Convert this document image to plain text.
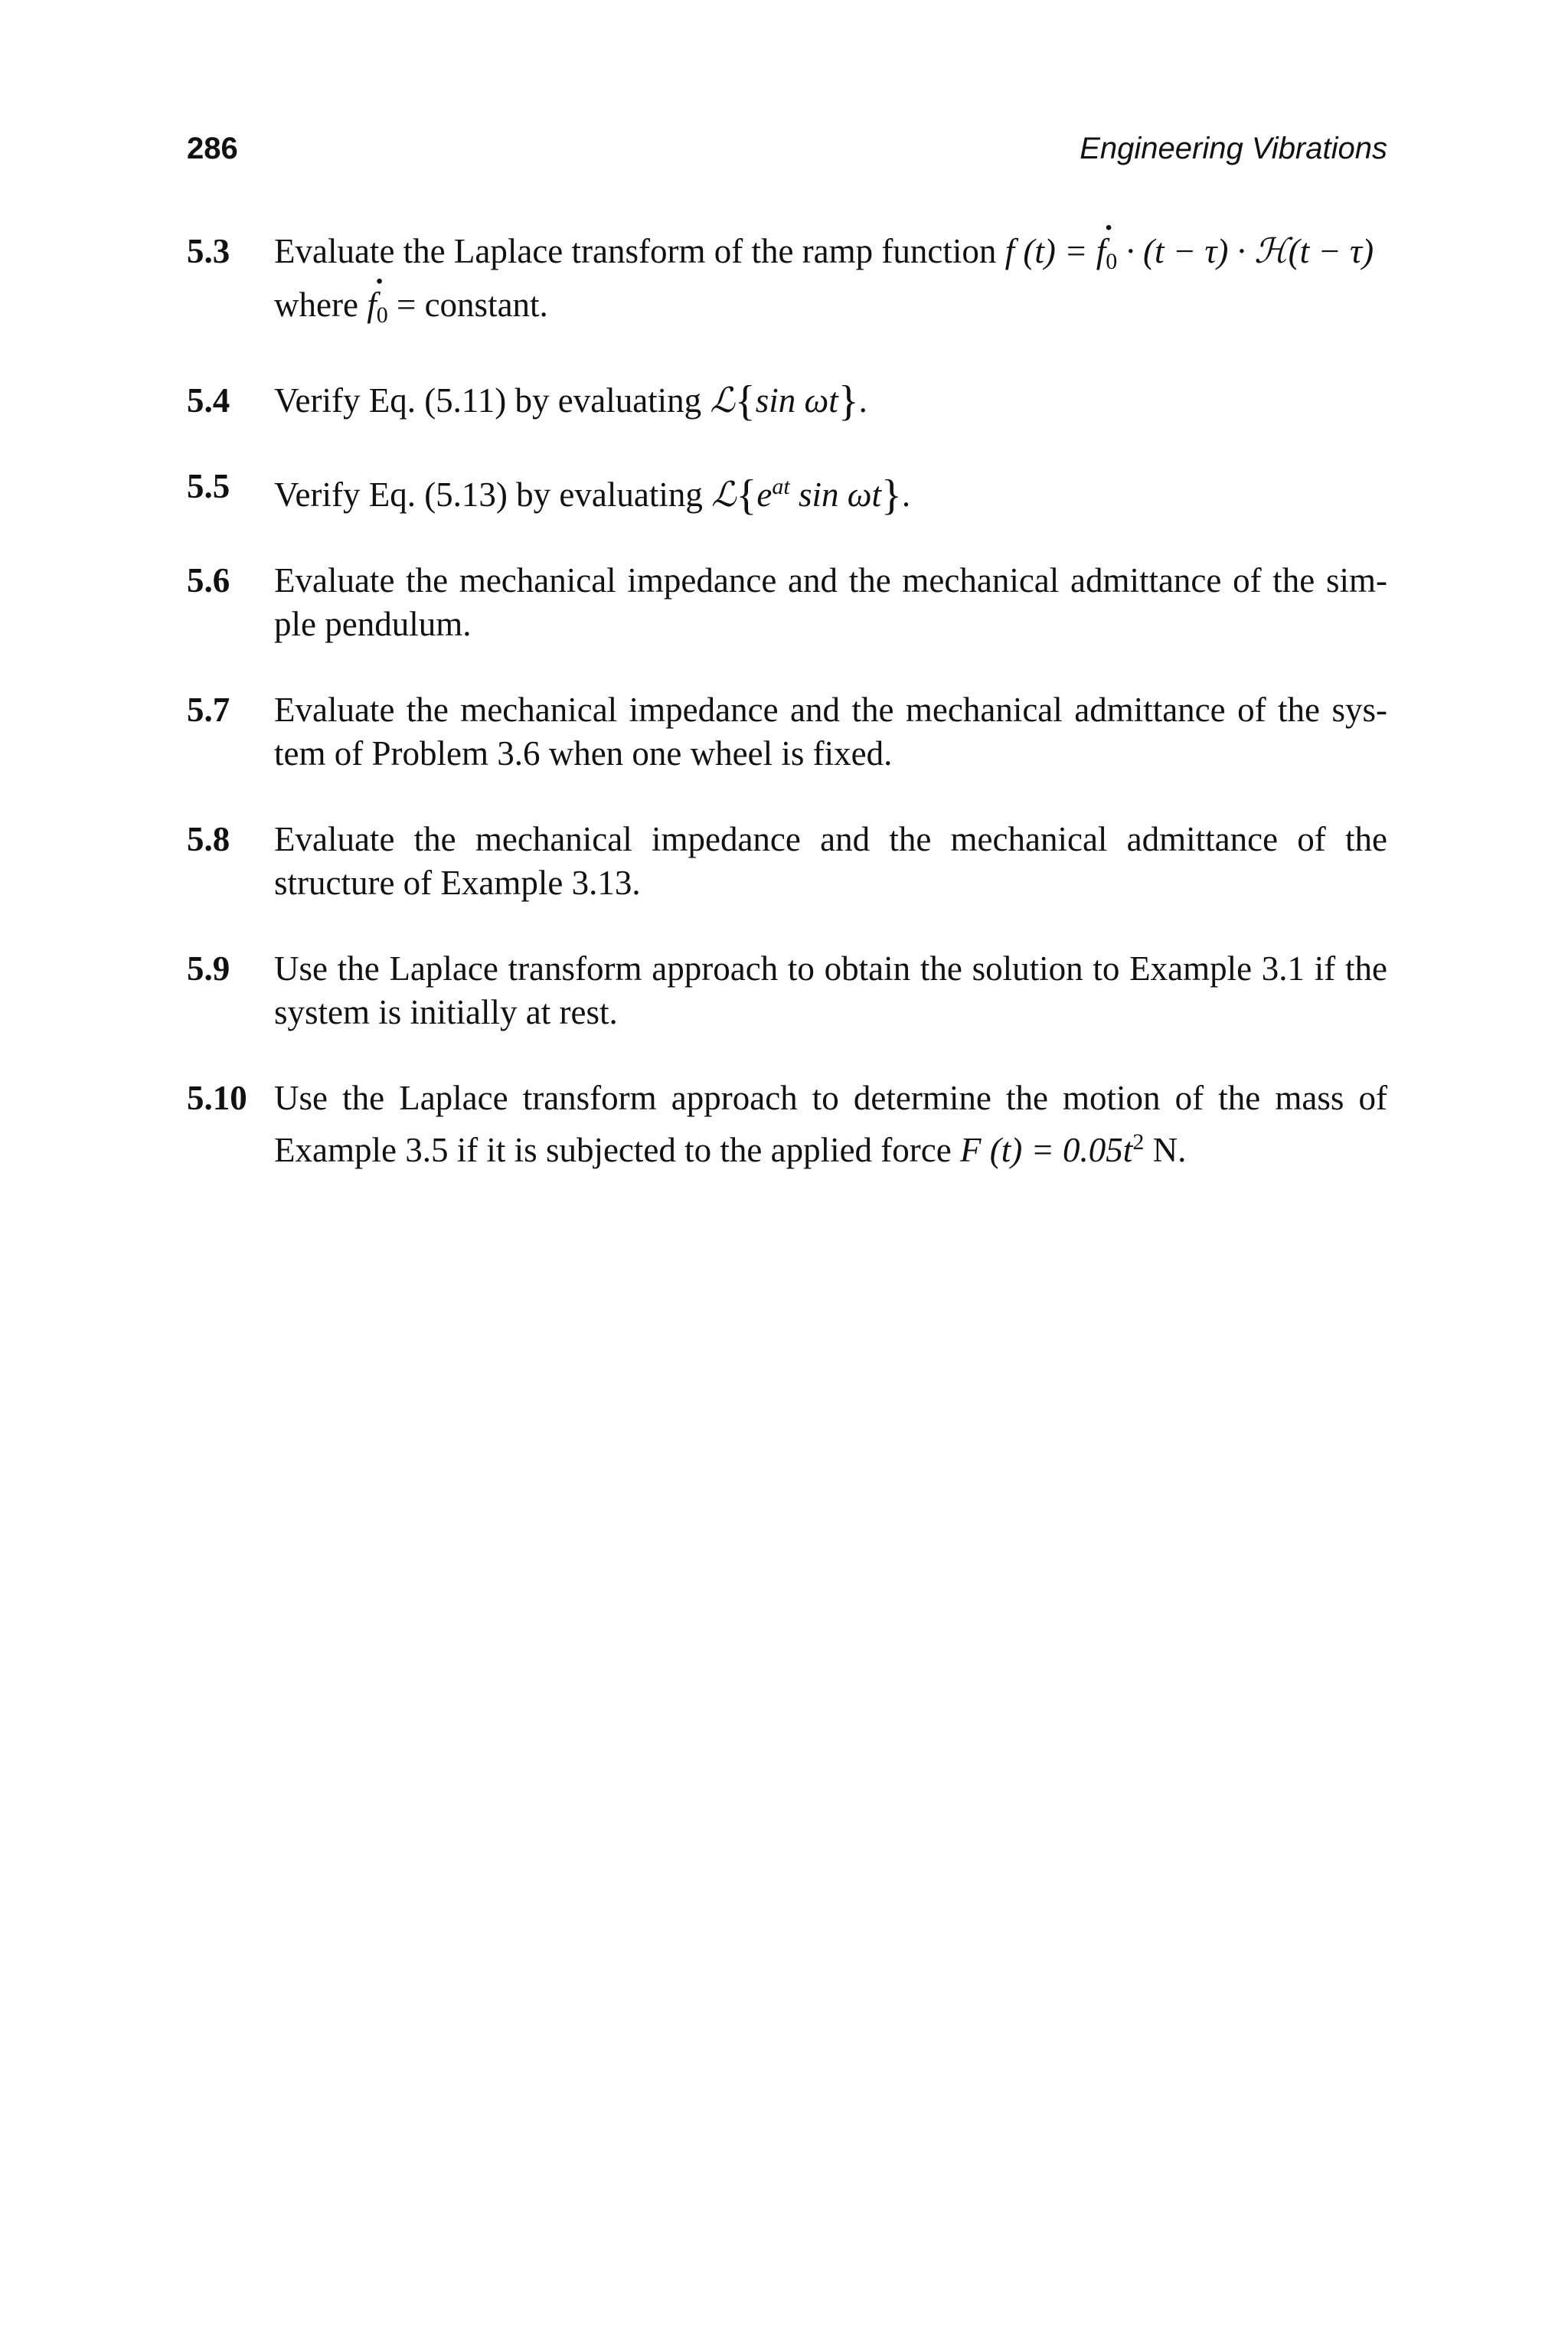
286	Engineering Vibrations
5.3	Evaluate the Laplace transform of the ramp function f (t) = · $f_0 \cdot (t - \tau)$ · ℋ(t − τ)
where · $f_0$ = constant.
5.4	Verify Eq. (5.11) by evaluating ℒ{sin ωt}.
5.5	Verify Eq. (5.13) by evaluating $ℒ\{e^{at}$ sin ωt}.
5.6	Evaluate the mechanical impedance and the mechanical admittance of the sim-ple pendulum.
5.7	Evaluate the mechanical impedance and the mechanical admittance of the sys-tem of Problem 3.6 when one wheel is fixed.
5.8	Evaluate the mechanical impedance and the mechanical admittance of the structure of Example 3.13.
5.9	Use the Laplace transform approach to obtain the solution to Example 3.1 if the system is initially at rest.
5.10 Use the Laplace transform approach to determine the motion of the mass of Example 3.5 if it is subjected to the applied force F $(t) = 0.05t^2$ N.
